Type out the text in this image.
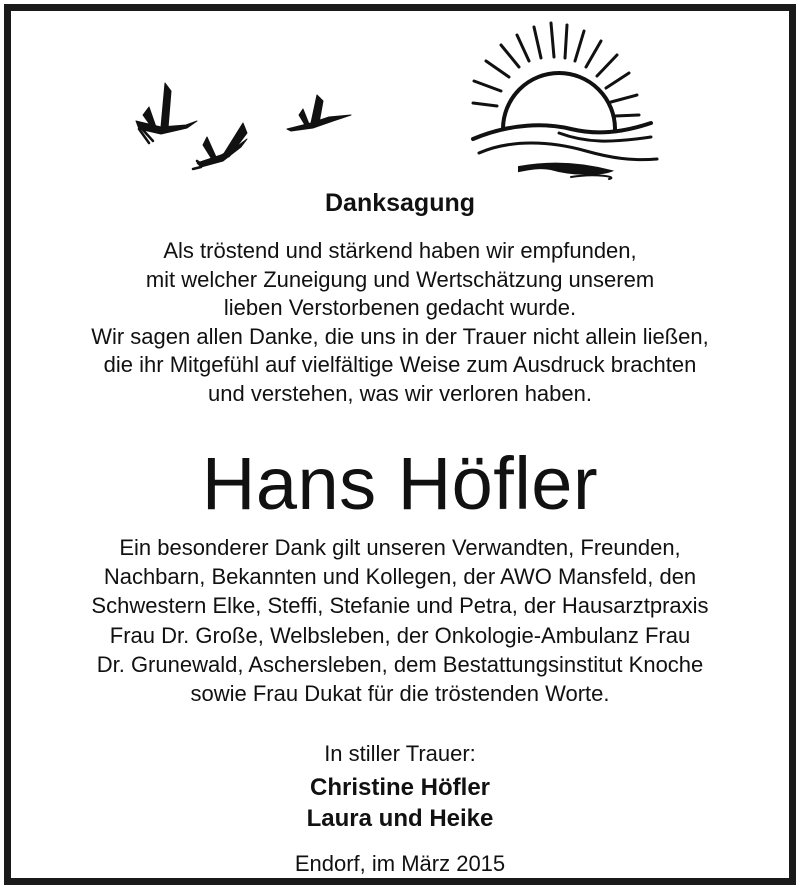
Danksagung
Als tröstend und stärkend haben wir empfunden,
mit welcher Zuneigung und Wertschätzung unserem
lieben Verstorbenen gedacht wurde.
Wir sagen allen Danke, die uns in der Trauer nicht allein ließen,
die ihr Mitgefühl auf vielfältige Weise zum Ausdruck brachten
und verstehen, was wir verloren haben.
Hans Höfler
Ein besonderer Dank gilt unseren Verwandten, Freunden,
Nachbarn, Bekannten und Kollegen, der AWO Mansfeld, den
Schwestern Elke, Steffi, Stefanie und Petra, der Hausarztpraxis
Frau Dr. Große, Welbsleben, der Onkologie-Ambulanz Frau
Dr. Grunewald, Aschersleben, dem Bestattungsinstitut Knoche
sowie Frau Dukat für die tröstenden Worte.
In stiller Trauer:
Christine Höfler
Laura und Heike
Endorf, im März 2015
